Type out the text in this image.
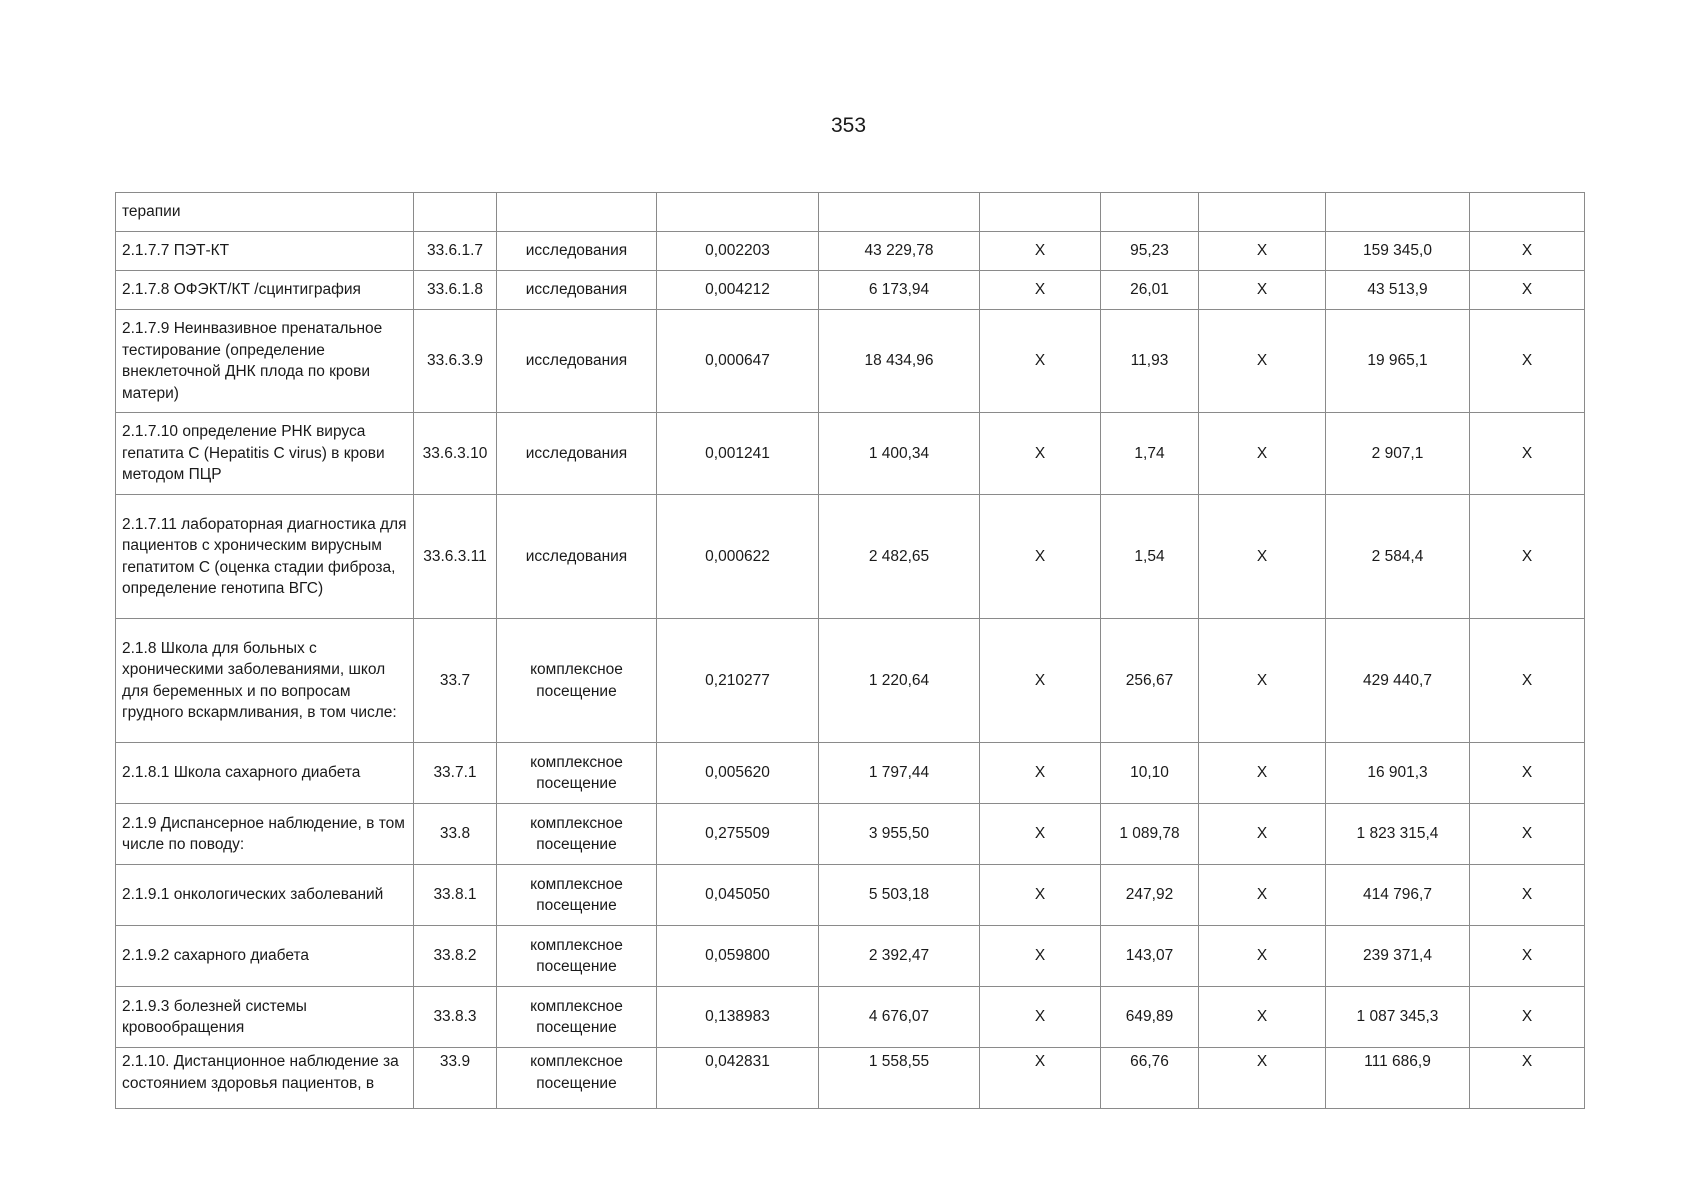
353
терапии									
2.1.7.7 ПЭТ-КТ	33.6.1.7	исследования	0,002203	43 229,78	X	95,23	X	159 345,0	X
2.1.7.8 ОФЭКТ/КТ /сцинтиграфия	33.6.1.8	исследования	0,004212	6 173,94	X	26,01	X	43 513,9	X
2.1.7.9 Неинвазивное пренатальное тестирование (определение внеклеточной ДНК плода по крови матери)	33.6.3.9	исследования	0,000647	18 434,96	X	11,93	X	19 965,1	X
2.1.7.10 определение РНК вируса гепатита С (Hepatitis C virus) в крови методом ПЦР	33.6.3.10	исследования	0,001241	1 400,34	X	1,74	X	2 907,1	X
2.1.7.11 лабораторная диагностика для пациентов с хроническим вирусным гепатитом С (оценка стадии фиброза, определение генотипа ВГС)	33.6.3.11	исследования	0,000622	2 482,65	X	1,54	X	2 584,4	X
2.1.8 Школа для больных с хроническими заболеваниями, школ для беременных и по вопросам грудного вскармливания, в том числе:	33.7	комплексное посещение	0,210277	1 220,64	X	256,67	X	429 440,7	X
2.1.8.1 Школа сахарного диабета	33.7.1	комплексное посещение	0,005620	1 797,44	X	10,10	X	16 901,3	X
2.1.9 Диспансерное наблюдение, в том числе по поводу:	33.8	комплексное посещение	0,275509	3 955,50	X	1 089,78	X	1 823 315,4	X
2.1.9.1 онкологических заболеваний	33.8.1	комплексное посещение	0,045050	5 503,18	X	247,92	X	414 796,7	X
2.1.9.2 сахарного диабета	33.8.2	комплексное посещение	0,059800	2 392,47	X	143,07	X	239 371,4	X
2.1.9.3 болезней системы кровообращения	33.8.3	комплексное посещение	0,138983	4 676,07	X	649,89	X	1 087 345,3	X
2.1.10. Дистанционное наблюдение за состоянием здоровья пациентов, в	33.9	комплексное посещение	0,042831	1 558,55	X	66,76	X	111 686,9	X
